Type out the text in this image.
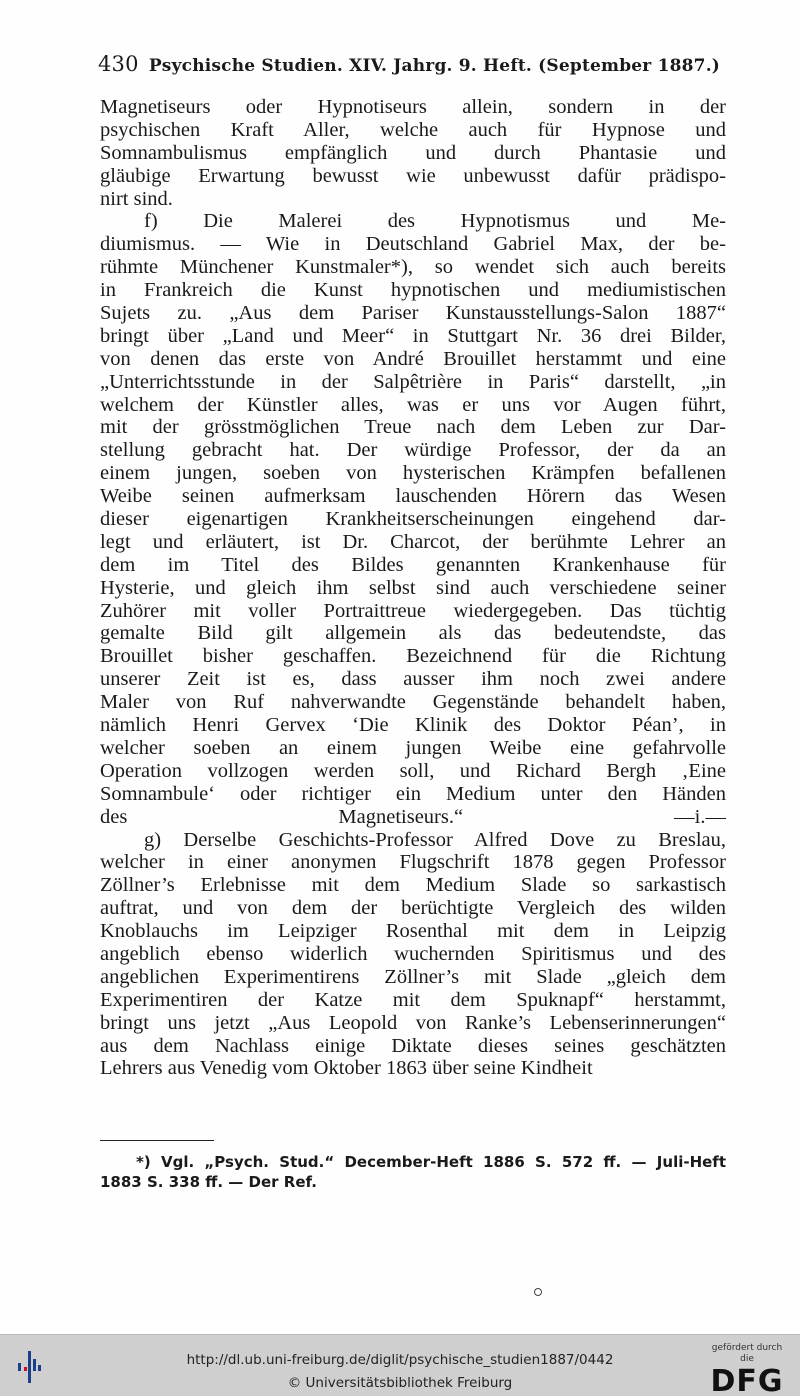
430 Psychische Studien. XIV. Jahrg. 9. Heft. (September 1887.)
Magnetiseurs oder Hypnotiseurs allein, sondern in der
psychischen Kraft Aller, welche auch für Hypnose und
Somnambulismus empfänglich und durch Phantasie und
gläubige Erwartung bewusst wie unbewusst dafür prädispo-
nirt sind.
f) Die Malerei des Hypnotismus und Me-
diumismus. — Wie in Deutschland Gabriel Max, der be-
rühmte Münchener Kunstmaler*), so wendet sich auch bereits
in Frankreich die Kunst hypnotischen und mediumistischen
Sujets zu. „Aus dem Pariser Kunstausstellungs-Salon 1887“
bringt über „Land und Meer“ in Stuttgart Nr. 36 drei Bilder,
von denen das erste von André Brouillet herstammt und eine
„Unterrichtsstunde in der Salpêtrière in Paris“ darstellt, „in
welchem der Künstler alles, was er uns vor Augen führt,
mit der grösstmöglichen Treue nach dem Leben zur Dar-
stellung gebracht hat. Der würdige Professor, der da an
einem jungen, soeben von hysterischen Krämpfen befallenen
Weibe seinen aufmerksam lauschenden Hörern das Wesen
dieser eigenartigen Krankheitserscheinungen eingehend dar-
legt und erläutert, ist Dr. Charcot, der berühmte Lehrer an
dem im Titel des Bildes genannten Krankenhause für
Hysterie, und gleich ihm selbst sind auch verschiedene seiner
Zuhörer mit voller Portraittreue wiedergegeben. Das tüchtig
gemalte Bild gilt allgemein als das bedeutendste, das
Brouillet bisher geschaffen. Bezeichnend für die Richtung
unserer Zeit ist es, dass ausser ihm noch zwei andere
Maler von Ruf nahverwandte Gegenstände behandelt haben,
nämlich Henri Gervex ‘Die Klinik des Doktor Péan’, in
welcher soeben an einem jungen Weibe eine gefahrvolle
Operation vollzogen werden soll, und Richard Bergh ‚Eine
Somnambule‘ oder richtiger ein Medium unter den Händen
des Magnetiseurs.“ —i.—
g) Derselbe Geschichts-Professor Alfred Dove zu Breslau,
welcher in einer anonymen Flugschrift 1878 gegen Professor
Zöllner’s Erlebnisse mit dem Medium Slade so sarkastisch
auftrat, und von dem der berüchtigte Vergleich des wilden
Knoblauchs im Leipziger Rosenthal mit dem in Leipzig
angeblich ebenso widerlich wuchernden Spiritismus und des
angeblichen Experimentirens Zöllner’s mit Slade „gleich dem
Experimentiren der Katze mit dem Spuknapf“ herstammt,
bringt uns jetzt „Aus Leopold von Ranke’s Lebenserinnerungen“
aus dem Nachlass einige Diktate dieses seines geschätzten
Lehrers aus Venedig vom Oktober 1863 über seine Kindheit
*) Vgl. „Psych. Stud.“ December-Heft 1886 S. 572 ff. — Juli-Heft
1883 S. 338 ff. — Der Ref.
http://dl.ub.uni-freiburg.de/diglit/psychische_studien1887/0442
© Universitätsbibliothek Freiburg
gefördert durch die
DFG
